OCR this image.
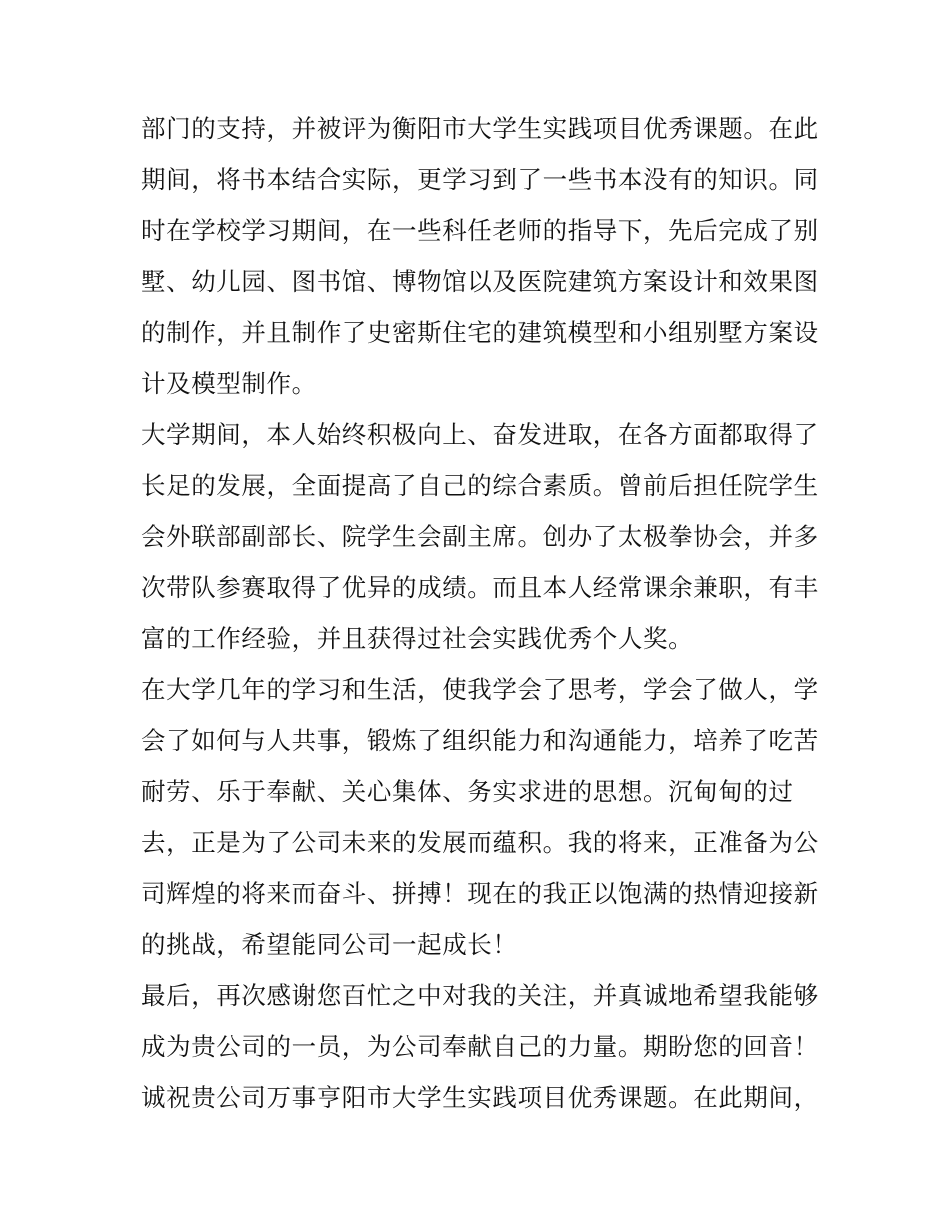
部门的支持，并被评为衡阳市大学生实践项目优秀课题。在此

期间，将书本结合实际，更学习到了一些书本没有的知识。同

时在学校学习期间，在一些科任老师的指导下，先后完成了别

墅、幼儿园、图书馆、博物馆以及医院建筑方案设计和效果图

的制作，并且制作了史密斯住宅的建筑模型和小组别墅方案设

计及模型制作。

大学期间，本人始终积极向上、奋发进取，在各方面都取得了

长足的发展，全面提高了自己的综合素质。曾前后担任院学生

会外联部副部长、院学生会副主席。创办了太极拳协会，并多

次带队参赛取得了优异的成绩。而且本人经常课余兼职，有丰

富的工作经验，并且获得过社会实践优秀个人奖。

在大学几年的学习和生活，使我学会了思考，学会了做人，学

会了如何与人共事，锻炼了组织能力和沟通能力，培养了吃苦

耐劳、乐于奉献、关心集体、务实求进的思想。沉甸甸的过

去，正是为了公司未来的发展而蕴积。我的将来，正准备为公

司辉煌的将来而奋斗、拼搏！现在的我正以饱满的热情迎接新

的挑战，希望能同公司一起成长！

最后，再次感谢您百忙之中对我的关注，并真诚地希望我能够

成为贵公司的一员，为公司奉献自己的力量。期盼您的回音！

诚祝贵公司万事亨阳市大学生实践项目优秀课题。在此期间，
